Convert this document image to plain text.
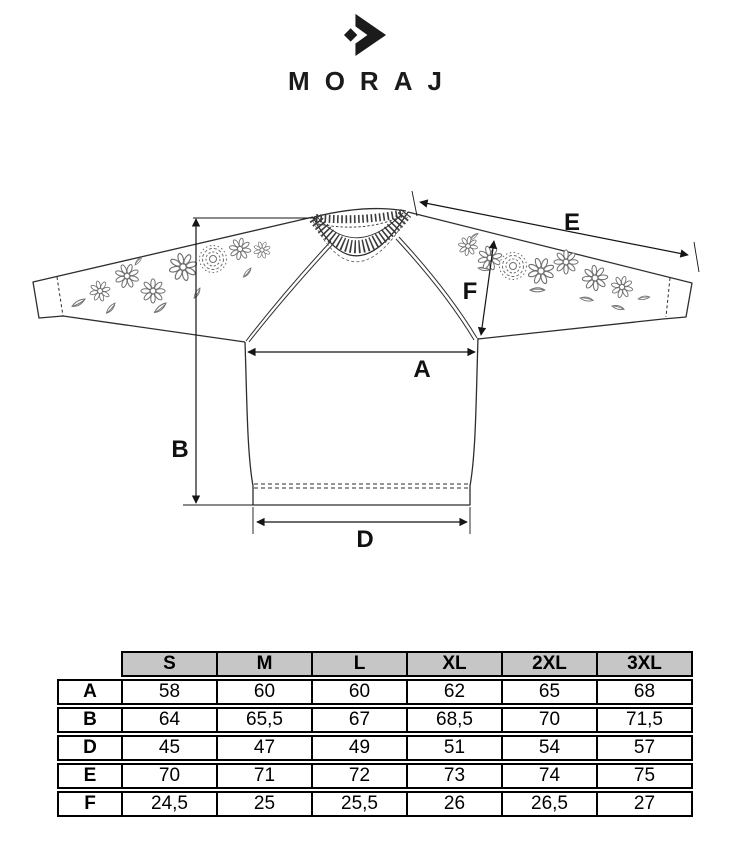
MORAJ
A
B
D
E
F
	S	M	L	XL	2XL	3XL
A	58	60	60	62	65	68
B	64	65,5	67	68,5	70	71,5
D	45	47	49	51	54	57
E	70	71	72	73	74	75
F	24,5	25	25,5	26	26,5	27
